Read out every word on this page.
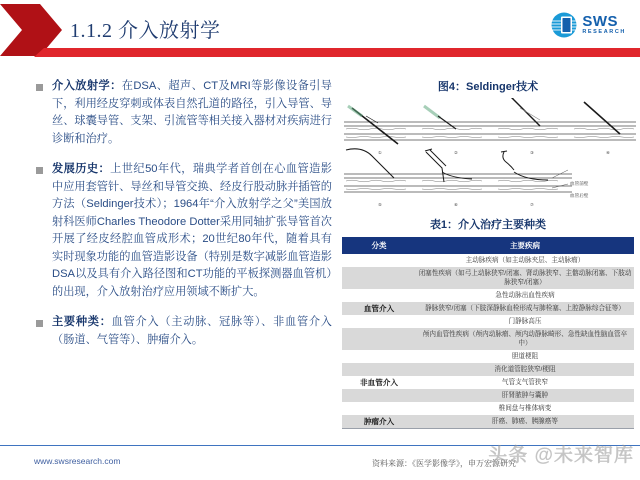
1.1.2 介入放射学	SWS
RESEARCH
介入放射学：在DSA、超声、CT及MRI等影像设备引导下，利用经皮穿刺或体表自然孔道的路径，引入导管、导丝、球囊导管、支架、引流管等相关接入器材对疾病进行诊断和治疗。
发展历史：上世纪50年代，瑞典学者首创在心血管造影中应用套管针、导丝和导管交换、经皮行股动脉并插管的方法（Seldinger技术）；1964年“介入放射学之父”美国放射科医师Charles Theodore Dotter采用同轴扩张导管首次开展了经皮经腔血管成形术；20世纪80年代，随着具有实时现象功能的血管造影设备（特别是数字减影血管造影DSA以及具有介入路径图和CT功能的平板探测器血管机）的出现，介入放射治疗应用领域不断扩大。
主要种类：血管介入（主动脉、冠脉等）、非血管介入（肠道、气管等）、肿瘤介入。
图4：Seldinger技术
①	②	③	④
⑤	⑥	⑦
血管前壁
血管后壁
表1：介入治疗主要种类
分类	主要疾病
	主动脉疾病（如主动脉夹层、主动脉瘤）
	闭塞性疾病（如弓上动脉狭窄/闭塞、肾动脉狭窄、主髂动脉闭塞、下肢动脉狭窄/闭塞）
	急性动脉出血性疾病
血管介入	静脉狭窄/闭塞（下肢深静脉血栓形成与肺栓塞、上腔静脉综合征等）
	门静脉高压
	颅内血管性疾病（颅内动脉瘤、颅内动静脉畸形、急性缺血性脑血管卒中）
	胆道梗阻
	消化道管腔狭窄/梗阻
非血管介入	气管支气管狭窄
	肝肾脓肿与囊肿
	椎间盘与椎体病变
肿瘤介入	肝癌、肺癌、胰腺癌等
www.swsresearch.com	资料来源：《医学影像学》，申万宏源研究
头条 @未来智库
